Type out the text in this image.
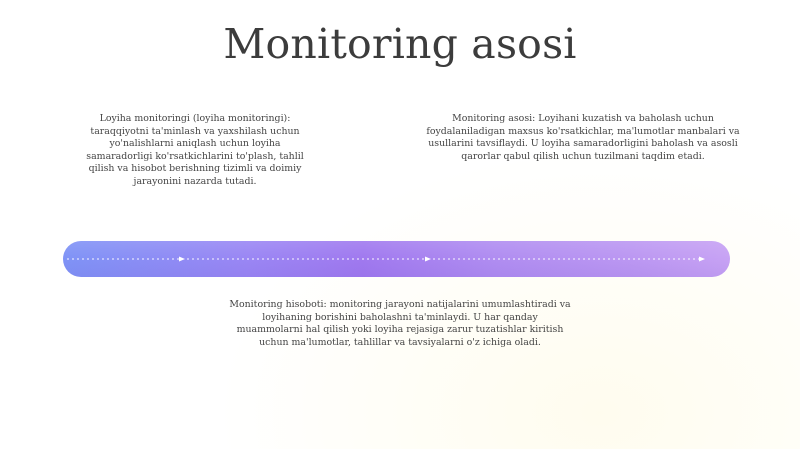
Monitoring asosi
Loyiha monitoringi (loyiha monitoringi): taraqqiyotni ta'minlash va yaxshilash uchun yo'nalishlarni aniqlash uchun loyiha samaradorligi ko'rsatkichlarini to'plash, tahlil qilish va hisobot berishning tizimli va doimiy jarayonini nazarda tutadi.
Monitoring asosi: Loyihani kuzatish va baholash uchun foydalaniladigan maxsus ko'rsatkichlar, ma'lumotlar manbalari va usullarini tavsiflaydi. U loyiha samaradorligini baholash va asosli qarorlar qabul qilish uchun tuzilmani taqdim etadi.
Monitoring hisoboti: monitoring jarayoni natijalarini umumlashtiradi va loyihaning borishini baholashni ta'minlaydi. U har qanday muammolarni hal qilish yoki loyiha rejasiga zarur tuzatishlar kiritish uchun ma'lumotlar, tahlillar va tavsiyalarni o'z ichiga oladi.
